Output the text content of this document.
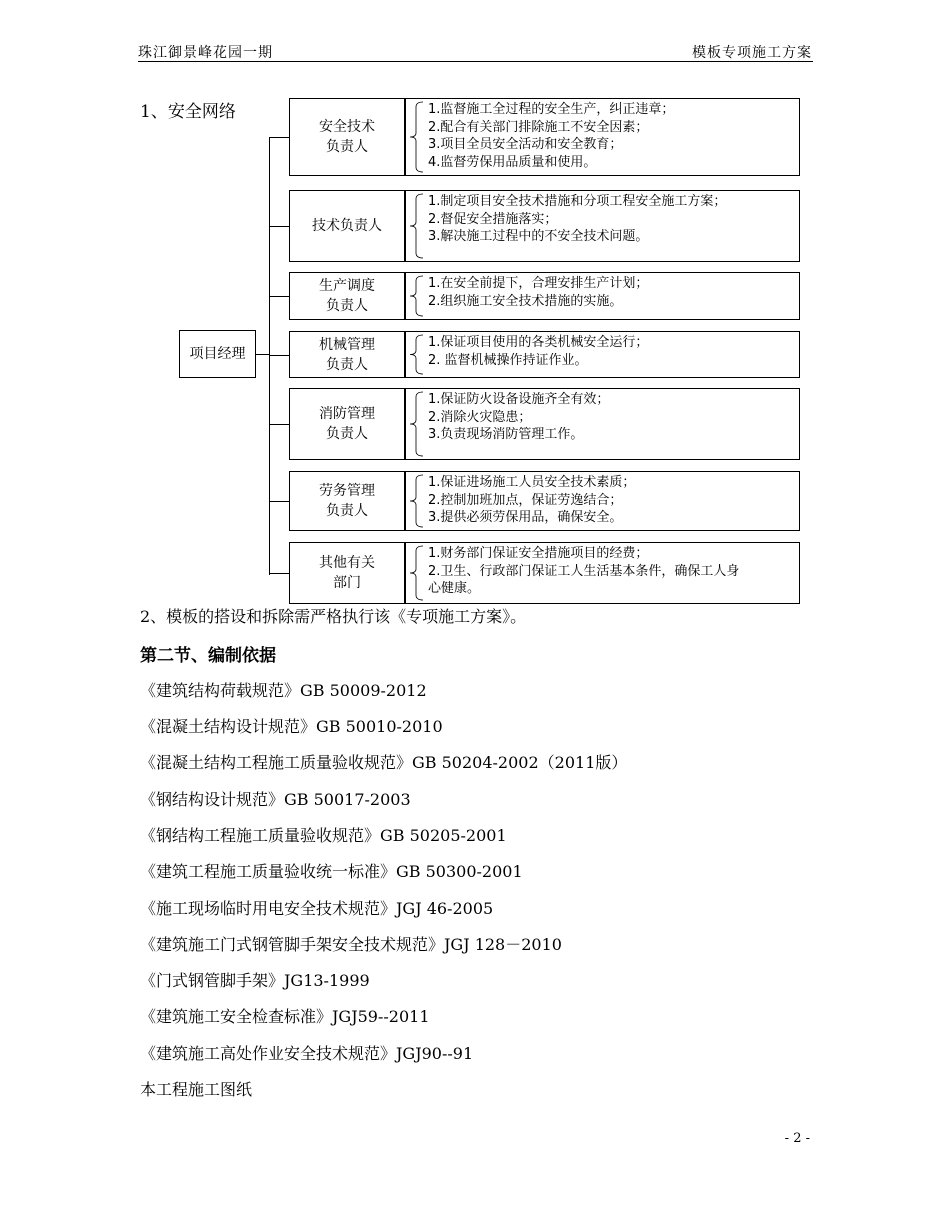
珠江御景峰花园一期	模板专项施工方案
1、安全网络
项目经理
安全技术
负责人
1.监督施工全过程的安全生产，纠正违章；
2.配合有关部门排除施工不安全因素；
3.项目全员安全活动和安全教育；
4.监督劳保用品质量和使用。
技术负责人
1.制定项目安全技术措施和分项工程安全施工方案；
2.督促安全措施落实；
3.解决施工过程中的不安全技术问题。
生产调度
负责人
1.在安全前提下，合理安排生产计划；
2.组织施工安全技术措施的实施。
机械管理
负责人
1.保证项目使用的各类机械安全运行；
2. 监督机械操作持证作业。
消防管理
负责人
1.保证防火设备设施齐全有效；
2.消除火灾隐患；
3.负责现场消防管理工作。
劳务管理
负责人
1.保证进场施工人员安全技术素质；
2.控制加班加点，保证劳逸结合；
3.提供必须劳保用品，确保安全。
其他有关
部门
1.财务部门保证安全措施项目的经费；
2.卫生、行政部门保证工人生活基本条件，确保工人身
心健康。
2、模板的搭设和拆除需严格执行该《专项施工方案》。
第二节、编制依据
《建筑结构荷载规范》GB 50009-2012
《混凝土结构设计规范》GB 50010-2010
《混凝土结构工程施工质量验收规范》GB 50204-2002（2011版）
《钢结构设计规范》GB 50017-2003
《钢结构工程施工质量验收规范》GB 50205-2001
《建筑工程施工质量验收统一标准》GB 50300-2001
《施工现场临时用电安全技术规范》JGJ 46-2005
《建筑施工门式钢管脚手架安全技术规范》JGJ 128－2010
《门式钢管脚手架》JG13-1999
《建筑施工安全检查标准》JGJ59--2011
《建筑施工高处作业安全技术规范》JGJ90--91
本工程施工图纸
- 2 -
